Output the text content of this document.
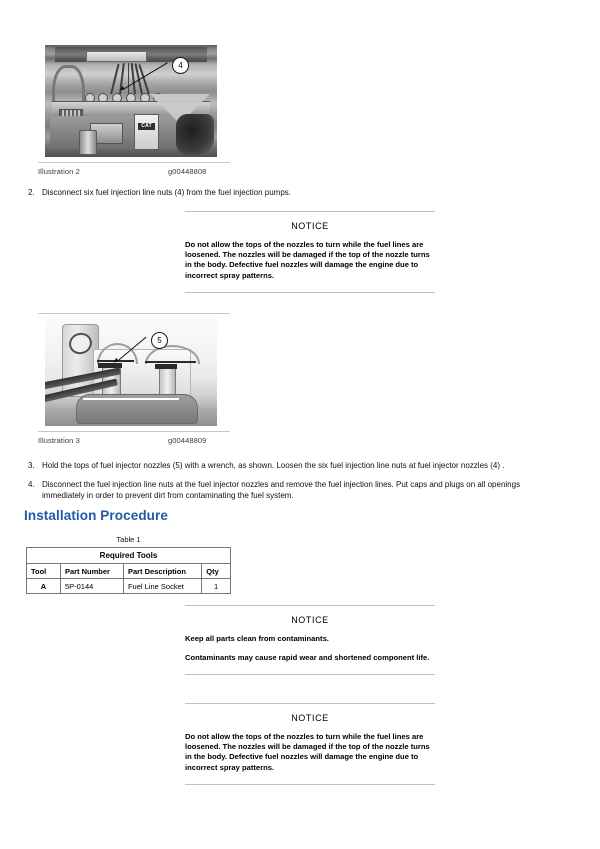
CAT
4
Illustration 2	g00448808
2. Disconnect six fuel injection line nuts (4) from the fuel injection pumps.
NOTICE

Do not allow the tops of the nozzles to turn while the fuel lines are loosened. The nozzles will be damaged if the top of the nozzle turns in the body. Defective fuel nozzles will damage the engine due to incorrect spray patterns.

5
Illustration 3	g00448809
3. Hold the tops of fuel injector nozzles (5) with a wrench, as shown. Loosen the six fuel injection line nuts at fuel injector nozzles (4) .
4. Disconnect the fuel injection line nuts at the fuel injector nozzles and remove the fuel injection lines. Put caps and plugs on all openings immediately in order to prevent dirt from contaminating the fuel system.
Installation Procedure
Table 1
Required Tools			
Tool	Part Number	Part Description	Qty
A	5P-0144	Fuel Line Socket	1
NOTICE

Keep all parts clean from contaminants.

Contaminants may cause rapid wear and shortened component life.

NOTICE

Do not allow the tops of the nozzles to turn while the fuel lines are loosened. The nozzles will be damaged if the top of the nozzle turns in the body. Defective fuel nozzles will damage the engine due to incorrect spray patterns.
